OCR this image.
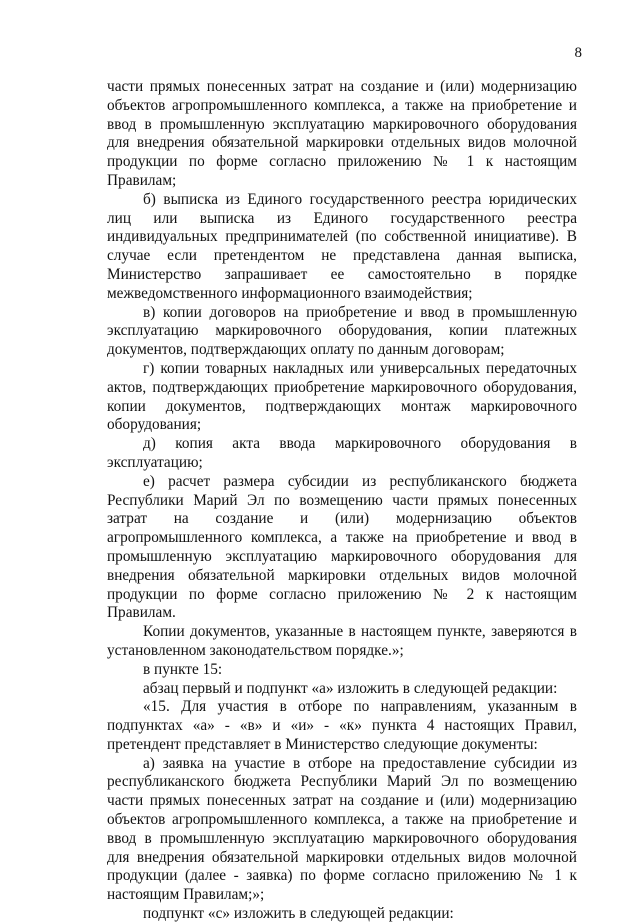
8

части прямых понесенных затрат на создание и (или) модернизацию объектов агропромышленного комплекса, а также на приобретение и ввод в промышленную эксплуатацию маркировочного оборудования для внедрения обязательной маркировки отдельных видов молочной продукции по форме согласно приложению № 1 к настоящим Правилам;

б) выписка из Единого государственного реестра юридических лиц или выписка из Единого государственного реестра индивидуальных предпринимателей (по собственной инициативе). В случае если претендентом не представлена данная выписка, Министерство запрашивает ее самостоятельно в порядке межведомственного информационного взаимодействия;

в) копии договоров на приобретение и ввод в промышленную эксплуатацию маркировочного оборудования, копии платежных документов, подтверждающих оплату по данным договорам;

г) копии товарных накладных или универсальных передаточных актов, подтверждающих приобретение маркировочного оборудования, копии документов, подтверждающих монтаж маркировочного оборудования;

д) копия акта ввода маркировочного оборудования в эксплуатацию;

е) расчет размера субсидии из республиканского бюджета Республики Марий Эл по возмещению части прямых понесенных затрат на создание и (или) модернизацию объектов агропромышленного комплекса, а также на приобретение и ввод в промышленную эксплуатацию маркировочного оборудования для внедрения обязательной маркировки отдельных видов молочной продукции по форме согласно приложению № 2 к настоящим Правилам.

Копии документов, указанные в настоящем пункте, заверяются в установленном законодательством порядке.»;

в пункте 15:

абзац первый и подпункт «а» изложить в следующей редакции:

«15. Для участия в отборе по направлениям, указанным в подпунктах «а» - «в» и «и» - «к» пункта 4 настоящих Правил, претендент представляет в Министерство следующие документы:

а) заявка на участие в отборе на предоставление субсидии из республиканского бюджета Республики Марий Эл по возмещению части прямых понесенных затрат на создание и (или) модернизацию объектов агропромышленного комплекса, а также на приобретение и ввод в промышленную эксплуатацию маркировочного оборудования для внедрения обязательной маркировки отдельных видов молочной продукции (далее - заявка) по форме согласно приложению № 1 к настоящим Правилам;»;

подпункт «с» изложить в следующей редакции:
